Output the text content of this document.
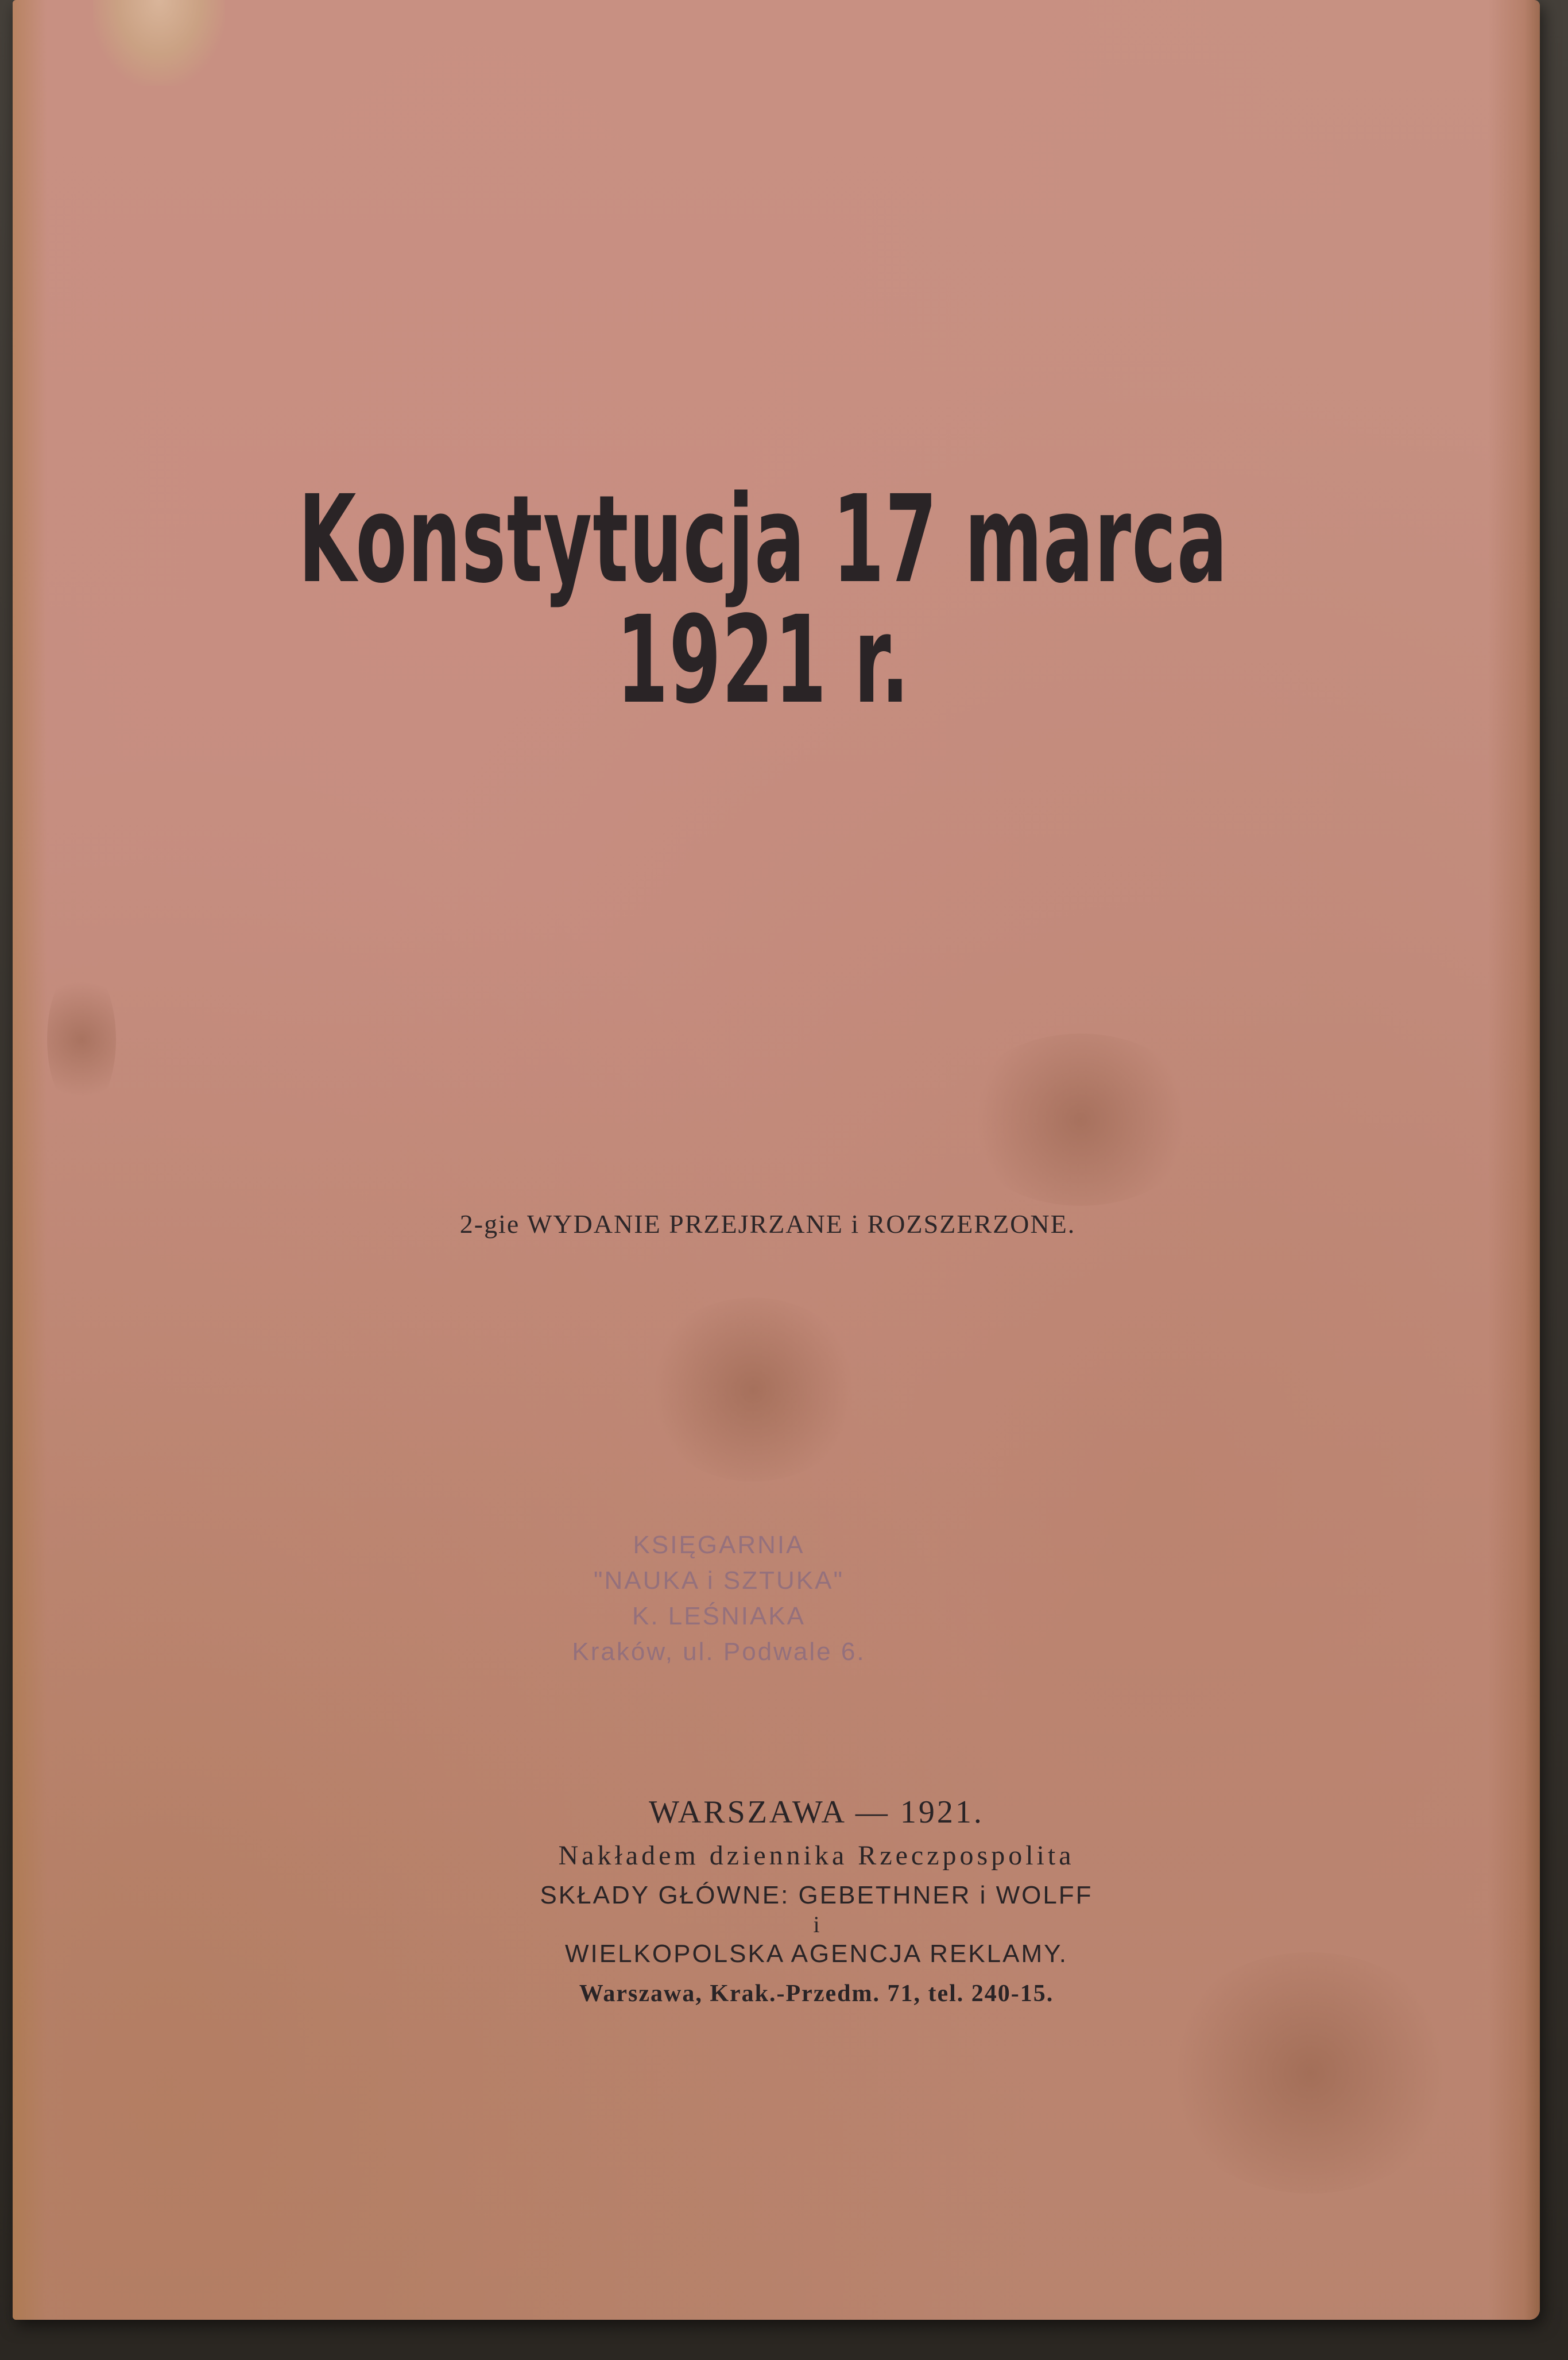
Konstytucja 17 marca 1921 r.
2-gie WYDANIE PRZEJRZANE i ROZSZERZONE.
KSIĘGARNIA
"NAUKA i SZTUKA"
K. LEŚNIAKA
Kraków, ul. Podwale 6.
WARSZAWA — 1921.
Nakładem dziennika Rzeczpospolita
SKŁADY GŁÓWNE: GEBETHNER i WOLFF
i
WIELKOPOLSKA AGENCJA REKLAMY.
Warszawa, Krak.-Przedm. 71, tel. 240-15.
